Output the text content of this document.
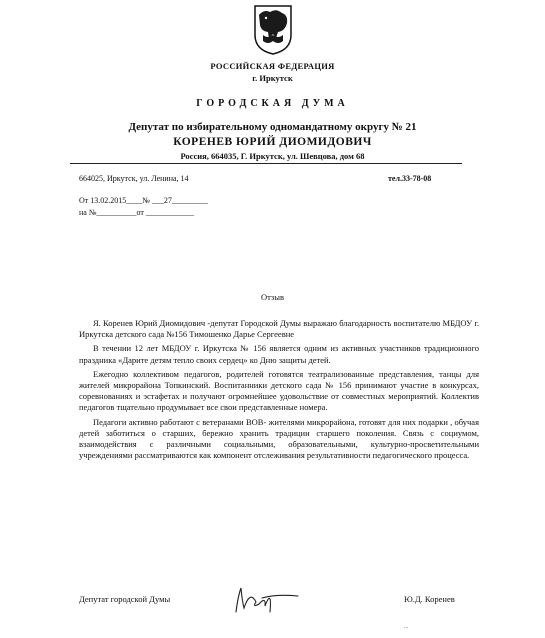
РОССИЙСКАЯ ФЕДЕРАЦИЯ
г. Иркутск
ГОРОДСКАЯ ДУМА
Депутат по избирательному одномандатному округу № 21
КОРЕНЕВ ЮРИЙ ДИОМИДОВИЧ
Россия, 664035, Г. Иркутск, ул. Шевцова, дом 68
664025, Иркутск, ул. Ленина, 14	тел.33-78-08
От 13.02.2015____№ ___27_________
на №__________от ____________
Отзыв

Я. Коренев Юрий Диомидович -депутат Городской Думы выражаю благодарность воспитателю МБДОУ г. Иркутска детского сада №156 Тимошенко Дарье Сергеевне

В течении 12 лет МБДОУ г. Иркутска № 156 является одним из активных участников традиционного праздника «Дарите детям тепло своих сердец» ко Дню защиты детей.

Ежегодно коллективом педагогов, родителей готовятся театрализованные представления, танцы для жителей микрорайона Топкинский. Воспитанники детского сада № 156 принимают участие в конкурсах, соревнованиях и эстафетах и получают огромнейшее удовольствие от совместных мероприятий. Коллектив педагогов тщательно продумывает все свои представленные номера.

Педагоги активно работают с ветеранами ВОВ- жителями микрорайона, готовят для них подарки , обучая детей заботиться о старших, бережно хранить традиции старшего поколения. Связь с социумом, взаимодействия с различными социальными, образовательными, культурно-просветительными учреждениями рассматриваются как компонент отслеживания результативности педагогического процесса.

Депутат городской Думы	Ю.Д. Коренев
...
